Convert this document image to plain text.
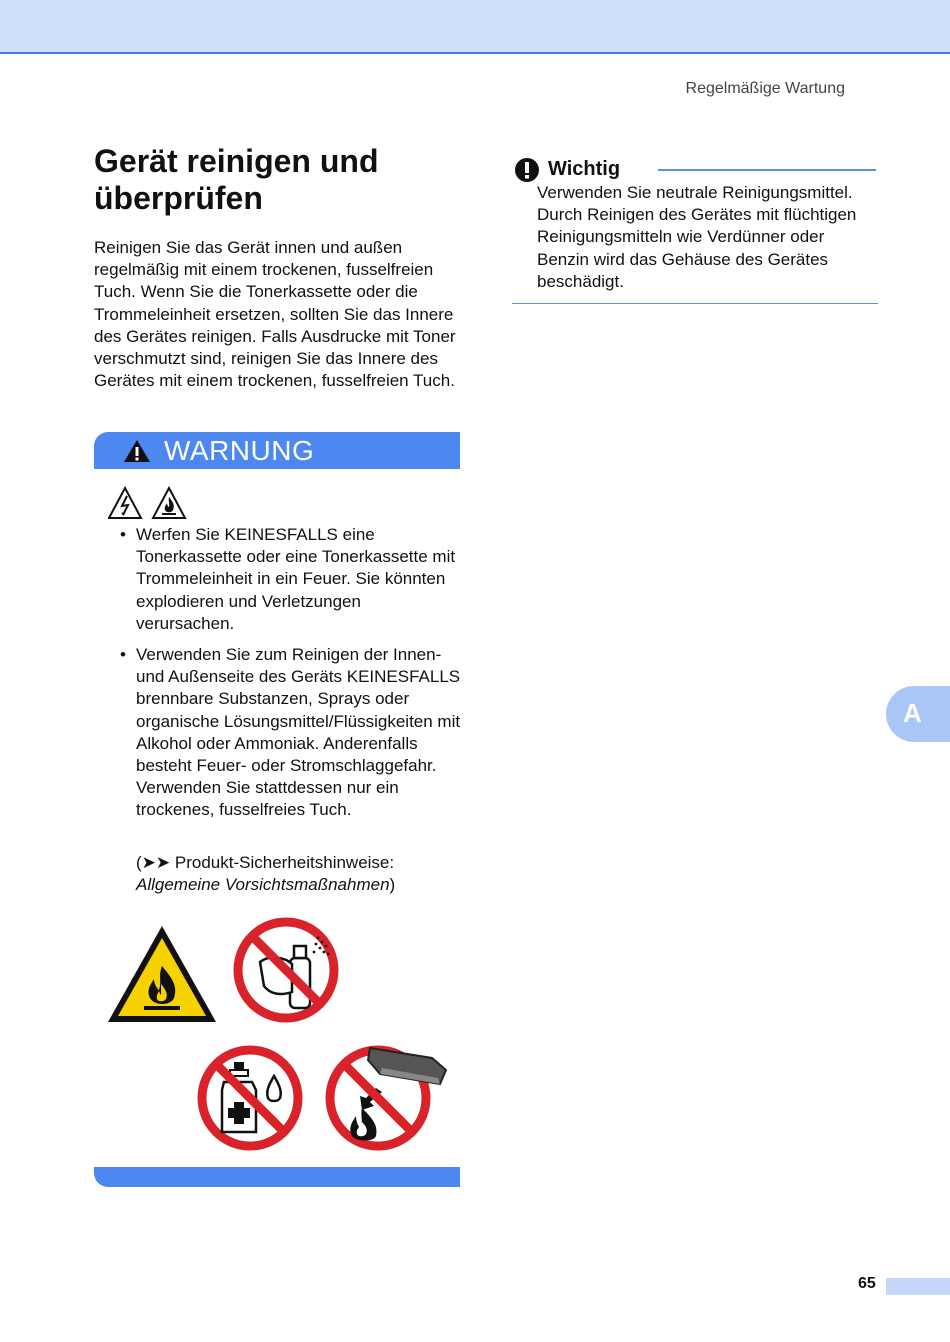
Regelmäßige Wartung
Gerät reinigen und überprüfen

Reinigen Sie das Gerät innen und außen regelmäßig mit einem trockenen, fusselfreien Tuch. Wenn Sie die Tonerkassette oder die Trommeleinheit ersetzen, sollten Sie das Innere des Gerätes reinigen. Falls Ausdrucke mit Toner verschmutzt sind, reinigen Sie das Innere des Gerätes mit einem trockenen, fusselfreien Tuch.

WARNUNG
• Werfen Sie KEINESFALLS eine Tonerkassette oder eine Tonerkassette mit Trommeleinheit in ein Feuer. Sie könnten explodieren und Verletzungen verursachen.
• Verwenden Sie zum Reinigen der Innen- und Außenseite des Geräts KEINESFALLS brennbare Substanzen, Sprays oder organische Lösungsmittel/Flüssigkeiten mit Alkohol oder Ammoniak. Anderenfalls besteht Feuer- oder Stromschlaggefahr. Verwenden Sie stattdessen nur ein trockenes, fusselfreies Tuch.

(➤➤ Produkt-Sicherheitshinweise: Allgemeine Vorsichtsmaßnahmen)

Wichtig

Verwenden Sie neutrale Reinigungsmittel. Durch Reinigen des Gerätes mit flüchtigen Reinigungsmitteln wie Verdünner oder Benzin wird das Gehäuse des Gerätes beschädigt.

A
65
